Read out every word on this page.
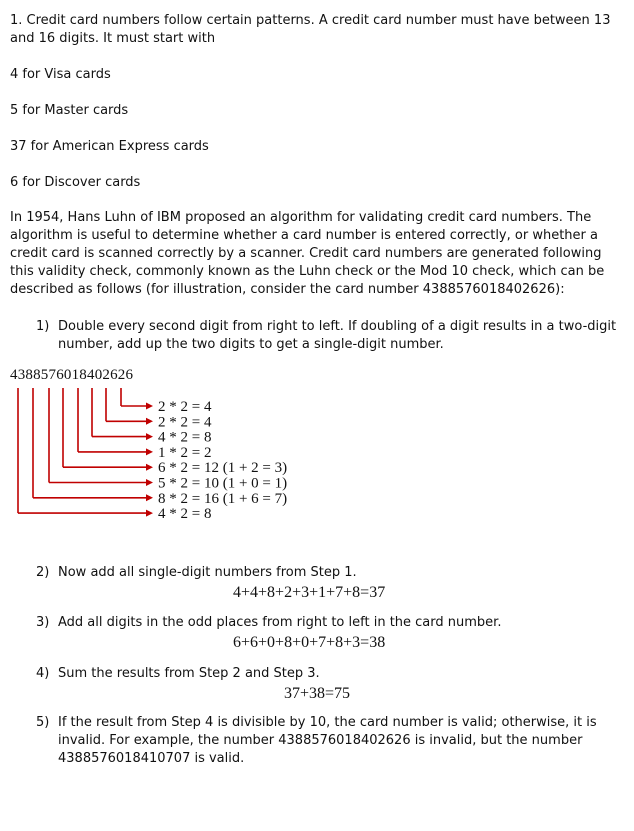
1. Credit card numbers follow certain patterns. A credit card number must have between 13 and 16 digits. It must start with
4 for Visa cards
5 for Master cards
37 for American Express cards
6 for Discover cards
In 1954, Hans Luhn of IBM proposed an algorithm for validating credit card numbers. The algorithm is useful to determine whether a card number is entered correctly, or whether a credit card is scanned correctly by a scanner. Credit card numbers are generated following this validity check, commonly known as the Luhn check or the Mod 10 check, which can be described as follows (for illustration, consider the card number 4388576018402626):
1) Double every second digit from right to left. If doubling of a digit results in a two-digit number, add up the two digits to get a single-digit number.
4388576018402626
2 * 2 = 4
2 * 2 = 4
4 * 2 = 8
1 * 2 = 2
6 * 2 = 12 (1 + 2 = 3)
5 * 2 = 10 (1 + 0 = 1)
8 * 2 = 16 (1 + 6 = 7)
4 * 2 = 8
2) Now add all single-digit numbers from Step 1.
4+4+8+2+3+1+7+8=37
3) Add all digits in the odd places from right to left in the card number.
6+6+0+8+0+7+8+3=38
4) Sum the results from Step 2 and Step 3.
37+38=75
5) If the result from Step 4 is divisible by 10, the card number is valid; otherwise, it is invalid. For example, the number 4388576018402626 is invalid, but the number 4388576018410707 is valid.
